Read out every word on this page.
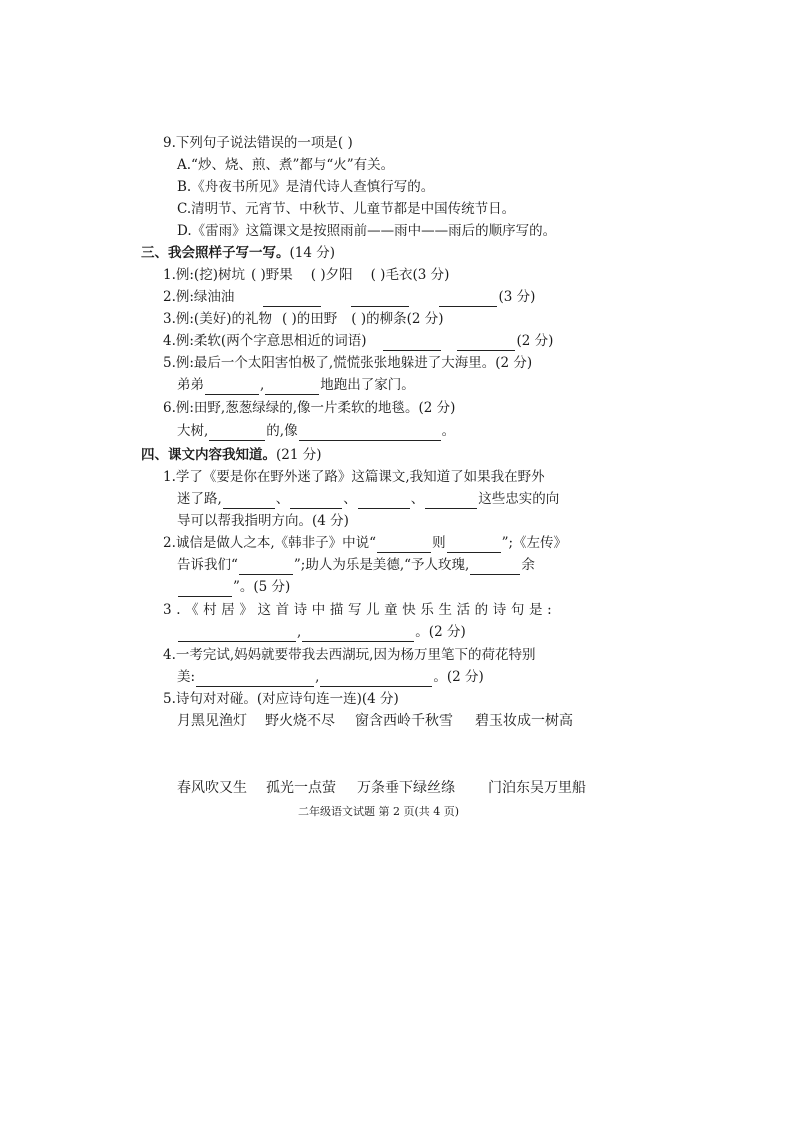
9.下列句子说法错误的一项是( )
A.“炒、烧、煎、煮”都与“火”有关。
B.《舟夜书所见》是清代诗人查慎行写的。
C.清明节、元宵节、中秋节、儿童节都是中国传统节日。
D.《雷雨》这篇课文是按照雨前——雨中——雨后的顺序写的。
三、我会照样子写一写。(14 分)
1.例:(挖)树坑 ( )野果 ( )夕阳 ( )毛衣(3 分)
2.例:绿油油	(3 分)
3.例:(美好)的礼物 ( )的田野 ( )的柳条(2 分)
4.例:柔软(两个字意思相近的词语)	(2 分)
5.例:最后一个太阳害怕极了,慌慌张张地躲进了大海里。(2 分)
弟弟	,	地跑出了家门。
6.例:田野,葱葱绿绿的,像一片柔软的地毯。(2 分)
大树,	的,像	。
四、课文内容我知道。(21 分)
1.学了《要是你在野外迷了路》这篇课文,我知道了如果我在野外
迷了路,	、	、	、	这些忠实的向
导可以帮我指明方向。(4 分)
2.诚信是做人之本,《韩非子》中说“	则	”;《左传》
告诉我们“	”;助人为乐是美德,“予人玫瑰,	余
”。(5 分)
3.《村居》这首诗中描写儿童快乐生活的诗句是:
,	。(2 分)
4.一考完试,妈妈就要带我去西湖玩,因为杨万里笔下的荷花特别
美:	,	。(2 分)
5.诗句对对碰。(对应诗句连一连)(4 分)
月黑见渔灯 野火烧不尽 窗含西岭千秋雪 碧玉妆成一树高
春风吹又生 孤光一点萤 万条垂下绿丝绦 门泊东吴万里船
二年级语文试题 第 2 页(共 4 页)
